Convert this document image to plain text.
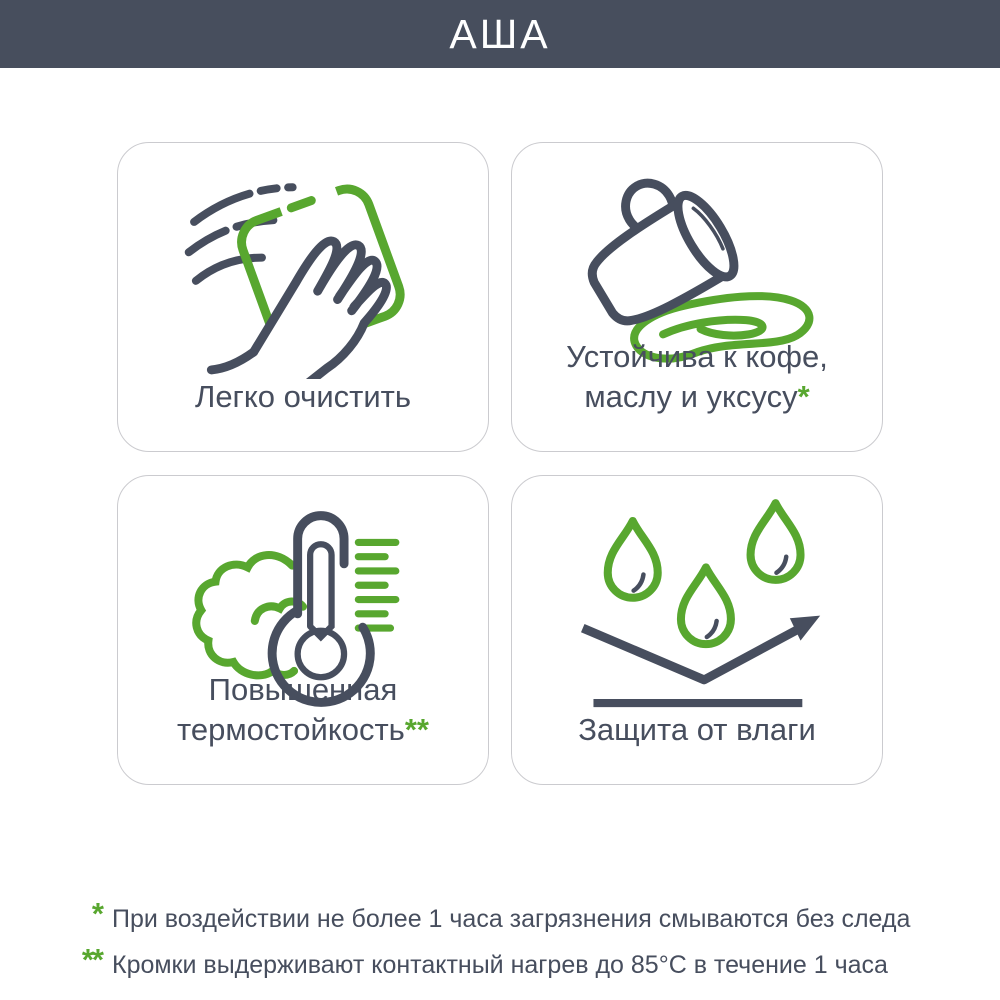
АША
Легко очистить
Устойчива к кофе,
маслу и уксусу*
Повышенная
термостойкость**	Защита от влаги
* При воздействии не более 1 часа загрязнения смываются без следа
** Кромки выдерживают контактный нагрев до 85°С в течение 1 часа
